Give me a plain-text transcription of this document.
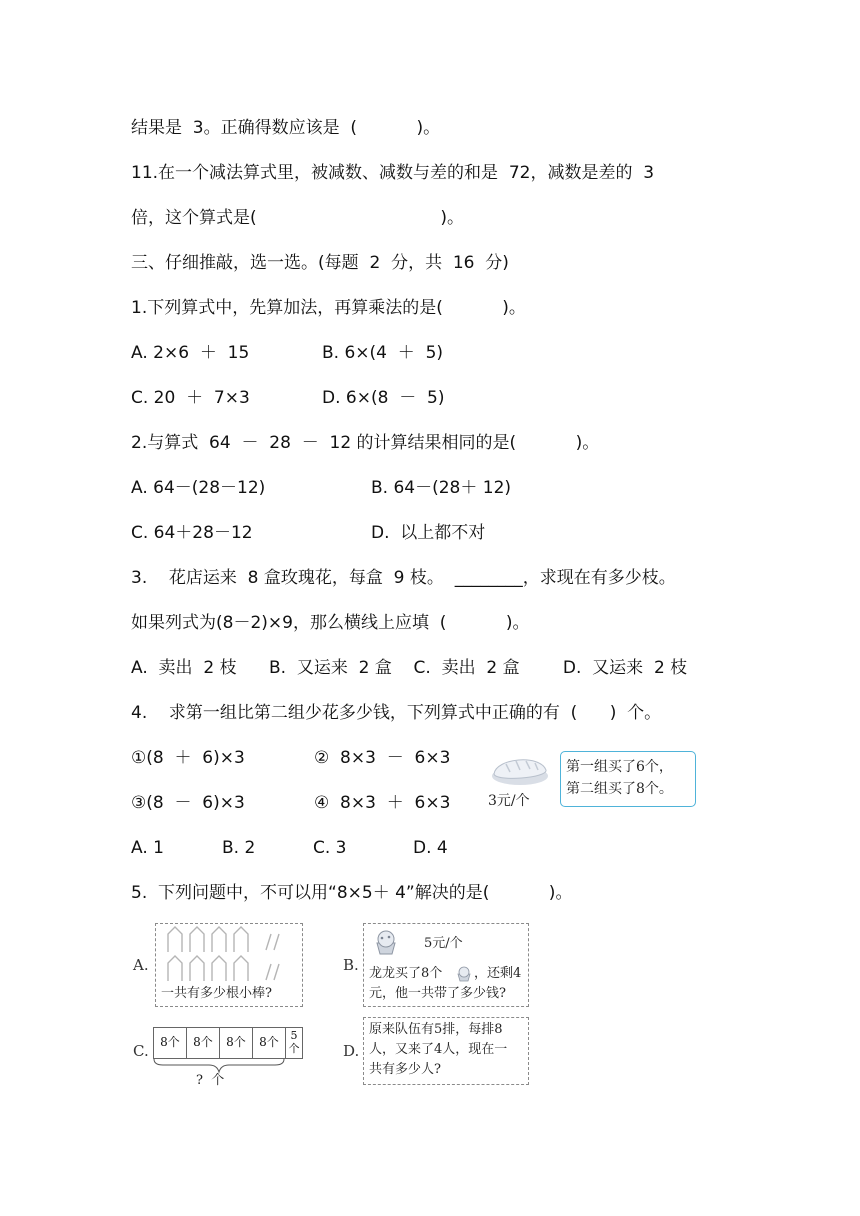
结果是  3。正确得数应该是  (           )。
11.在一个减法算式里，被减数、减数与差的和是  72，减数是差的  3
倍，这个算式是(                                  )。
三、仔细推敲，选一选。(每题  2  分，共  16  分)
1.下列算式中，先算加法，再算乘法的是(           )。
A. 2×6  ＋  15	B. 6×(4  ＋  5)
C. 20  ＋  7×3	D. 6×(8  －  5)
2.与算式  64  －  28  －  12 的计算结果相同的是(           )。
A. 64－(28－12)	B. 64－(28＋ 12)
C. 64＋28－12	D.  以上都不对
3.    花店运来  8 盒玫瑰花，每盒  9 枝。  ________，求现在有多少枝。
如果列式为(8－2)×9，那么横线上应填  (           )。
A.  卖出  2 枝      B.  又运来  2 盒    C.  卖出  2 盒        D.  又运来  2 枝
4.    求第一组比第二组少花多少钱，下列算式中正确的有  (      )  个。
①(8  ＋  6)×3	②  8×3  －  6×3
③(8  －  6)×3	④  8×3  ＋  6×3
A. 1	B. 2	C. 3	D. 4
5.  下列问题中，不可以用“8×5＋ 4”解决的是(           )。
3元/个
第一组买了6个，
第二组买了8个。
A.
一共有多少根小棒?
B.
5元/个
龙龙买了8个 ，还剩4
元，他一共带了多少钱?
C. 8个	8个	8个	8个	5
个
?  个
D.
原来队伍有5排，每排8
人，又来了4人，现在一
共有多少人?
